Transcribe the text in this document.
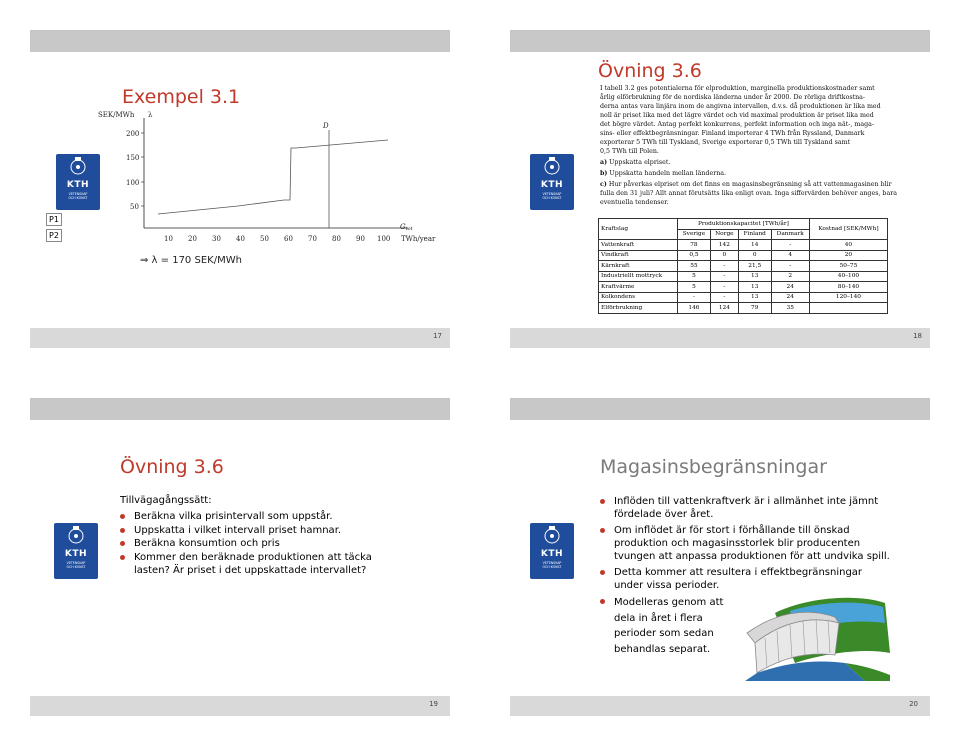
KTH
VETENSKAP
OCH KONST
P1
P2
Exempel 3.1
SEK/MWh λ
200
150
100
50
10 20 30 40 50 60 70 80 90 100 TWh/year
Gtot
D
⇒ λ = 170 SEK/MWh
17
KTH
VETENSKAP
OCH KONST
Övning 3.6
I tabell 3.2 ges potentialerna för elproduktion, marginella produktionskostnader samt
årlig elförbrukning för de nordiska länderna under år 2000. De rörliga driftkostna-
derna antas vara linjära inom de angivna intervallen, d.v.s. då produktionen är lika med
noll är priset lika med det lägre värdet och vid maximal produktion är priset lika med
det högre värdet. Antag perfekt konkurrens, perfekt information och inga nät-, maga-
sins- eller effektbegränsningar. Finland importerar 4 TWh från Ryssland, Danmark
exporterar 5 TWh till Tyskland, Sverige exporterar 0,5 TWh till Tyskland samt
0,5 TWh till Polen.
a) Uppskatta elpriset.
b) Uppskatta handeln mellan länderna.
c) Hur påverkas elpriset om det finns en magasinsbegränsning så att vattenmagasinen blir fulla den 31 juli? Allt annat förutsätts lika enligt ovan. Inga siffervärden behöver anges, bara eventuella tendenser.
Kraftslag	Produktionskapacitet [TWh/år]				Kostnad [SEK/MWh]
	Sverige	Norge	Finland	Danmark	
Vattenkraft	78	142	14	-	40
Vindkraft	0,5	0	0	4	20
Kärnkraft	55	-	21,5	-	50–75
Industriellt mottryck	5	-	13	2	40–100
Kraftvärme	5	-	13	24	80–140
Kolkondens	-	-	13	24	120–140
Elförbrukning	146	124	79	35	
18
KTH
VETENSKAP
OCH KONST
Övning 3.6
Tillvägagångssätt:
Beräkna vilka prisintervall som uppstår.
Uppskatta i vilket intervall priset hamnar.
Beräkna konsumtion och pris
Kommer den beräknade produktionen att täcka lasten? Är priset i det uppskattade intervallet?
19
KTH
VETENSKAP
OCH KONST
Magasinsbegränsningar
Inflöden till vattenkraftverk är i allmänhet inte jämnt fördelade över året.
Om inflödet är för stort i förhållande till önskad produktion och magasinsstorlek blir producenten tvungen att anpassa produktionen för att undvika spill.
Detta kommer att resultera i effektbegränsningar under vissa perioder.
Modelleras genom att
dela in året i flera
perioder som sedan
behandlas separat.
20
